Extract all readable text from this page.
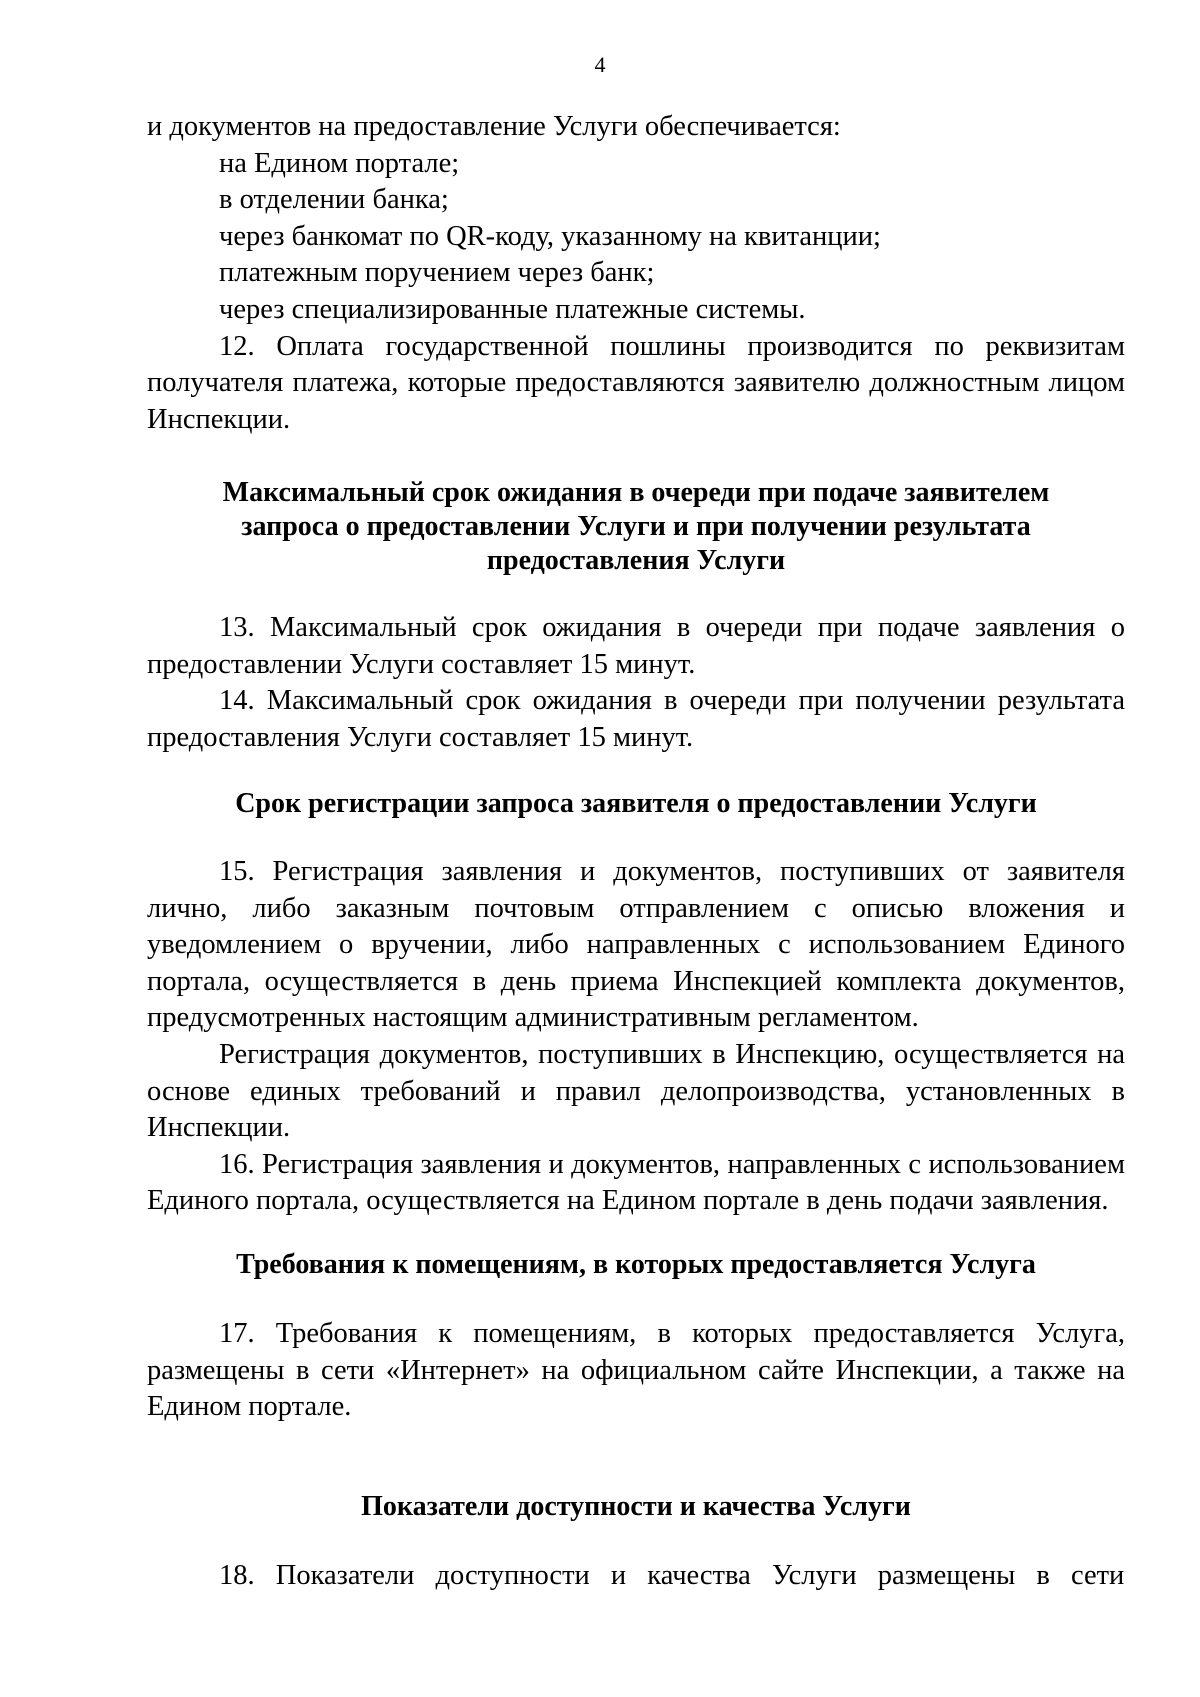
4

и документов на предоставление Услуги обеспечивается:

на Едином портале;

в отделении банка;

через банкомат по QR-коду, указанному на квитанции;

платежным поручением через банк;

через специализированные платежные системы.

12. Оплата государственной пошлины производится по реквизитам получателя платежа, которые предоставляются заявителю должностным лицом Инспекции.

Максимальный срок ожидания в очереди при подаче заявителем

запроса о предоставлении Услуги и при получении результата

предоставления Услуги

13. Максимальный срок ожидания в очереди при подаче заявления о предоставлении Услуги составляет 15 минут.

14. Максимальный срок ожидания в очереди при получении результата предоставления Услуги составляет 15 минут.

Срок регистрации запроса заявителя о предоставлении Услуги

15. Регистрация заявления и документов, поступивших от заявителя лично, либо заказным почтовым отправлением с описью вложения и уведомлением о вручении, либо направленных с использованием Единого портала, осуществляется в день приема Инспекцией комплекта документов, предусмотренных настоящим административным регламентом.

Регистрация документов, поступивших в Инспекцию, осуществляется на основе единых требований и правил делопроизводства, установленных в Инспекции.

16. Регистрация заявления и документов, направленных с использованием Единого портала, осуществляется на Едином портале в день подачи заявления.

Требования к помещениям, в которых предоставляется Услуга

17. Требования к помещениям, в которых предоставляется Услуга, размещены в сети «Интернет» на официальном сайте Инспекции, а также на Едином портале.

Показатели доступности и качества Услуги

18. Показатели доступности и качества Услуги размещены в сети
